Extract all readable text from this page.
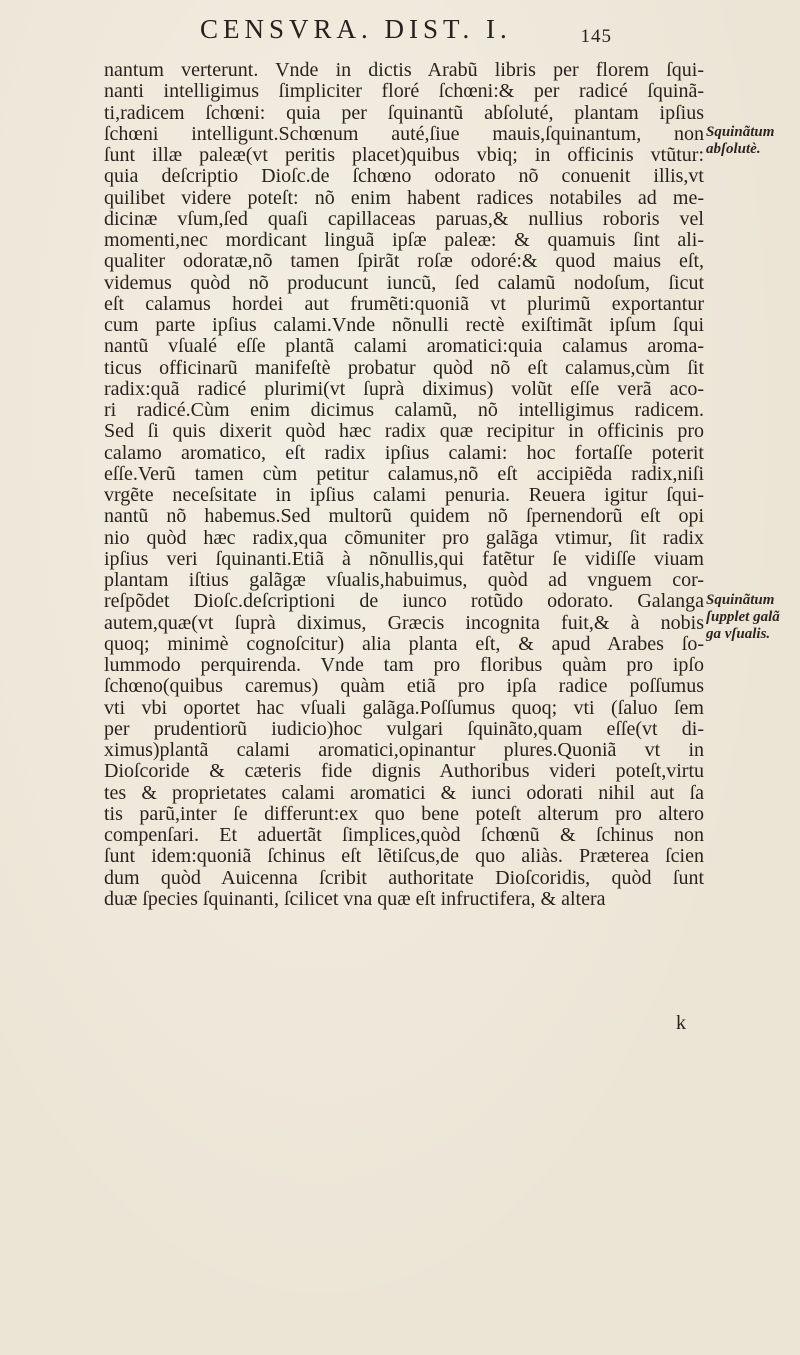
CENSVRA. DIST. I.	145
nantum verterunt. Vnde in dictis Arabũ libris per florem ſqui-
nanti intelligimus ſimpliciter floré ſchœni:& per radicé ſquinã-
ti,radicem ſchœni: quia per ſquinantũ abſoluté, plantam ipſius
ſchœni intelligunt.Schœnum auté,ſiue mauis,ſquinantum, non
ſunt illæ paleæ(vt peritis placet)quibus vbiq; in officinis vtũtur:
quia deſcriptio Dioſc.de ſchœno odorato nõ conuenit illis,vt
quilibet videre poteſt: nõ enim habent radices notabiles ad me-
dicinæ vſum,ſed quaſi capillaceas paruas,& nullius roboris vel
momenti,nec mordicant linguã ipſæ paleæ: & quamuis ſint ali-
qualiter odoratæ,nõ tamen ſpirãt roſæ odoré:& quod maius eſt,
videmus quòd nõ producunt iuncũ, ſed calamũ nodoſum, ſicut
eſt calamus hordei aut frumẽti:quoniã vt plurimũ exportantur
cum parte ipſius calami.Vnde nõnulli rectè exiſtimãt ipſum ſqui
nantũ vſualé eſſe plantã calami aromatici:quia calamus aroma-
ticus officinarũ manifeſtè probatur quòd nõ eſt calamus,cùm ſit
radix:quã radicé plurimi(vt ſuprà diximus) volũt eſſe verã aco-
ri radicé.Cùm enim dicimus calamũ, nõ intelligimus radicem.
Sed ſi quis dixerit quòd hæc radix quæ recipitur in officinis pro
calamo aromatico, eſt radix ipſius calami: hoc fortaſſe poterit
eſſe.Verũ tamen cùm petitur calamus,nõ eſt accipiẽda radix,niſi
vrgẽte neceſsitate in ipſius calami penuria. Reuera igitur ſqui-
nantũ nõ habemus.Sed multorũ quidem nõ ſpernendorũ eſt opi
nio quòd hæc radix,qua cõmuniter pro galãga vtimur, ſit radix
ipſius veri ſquinanti.Etiã à nõnullis,qui fatẽtur ſe vidiſſe viuam
plantam iſtius galãgæ vſualis,habuimus, quòd ad vnguem cor-
reſpõdet Dioſc.deſcriptioni de iunco rotũdo odorato. Galanga
autem,quæ(vt ſuprà diximus, Græcis incognita fuit,& à nobis
quoq; minimè cognoſcitur) alia planta eſt, & apud Arabes ſo-
lummodo perquirenda. Vnde tam pro floribus quàm pro ipſo
ſchœno(quibus caremus) quàm etiã pro ipſa radice poſſumus
vti vbi oportet hac vſuali galãga.Poſſumus quoq; vti (ſaluo ſem
per prudentiorũ iudicio)hoc vulgari ſquinãto,quam eſſe(vt di-
ximus)plantã calami aromatici,opinantur plures.Quoniã vt in
Dioſcoride & cæteris fide dignis Authoribus videri poteſt,virtu
tes & proprietates calami aromatici & iunci odorati nihil aut ſa
tis parũ,inter ſe differunt:ex quo bene poteſt alterum pro altero
compenſari. Et aduertãt ſimplices,quòd ſchœnũ & ſchinus non
ſunt idem:quoniã ſchinus eſt lẽtiſcus,de quo aliàs. Præterea ſcien
dum quòd Auicenna ſcribit authoritate Dioſcoridis, quòd ſunt
duæ ſpecies ſquinanti, ſcilicet vna quæ eſt infructifera, & altera
Squinãtum
abſolutè.
Squinãtum
ſupplet galã
ga vſualis.
k
